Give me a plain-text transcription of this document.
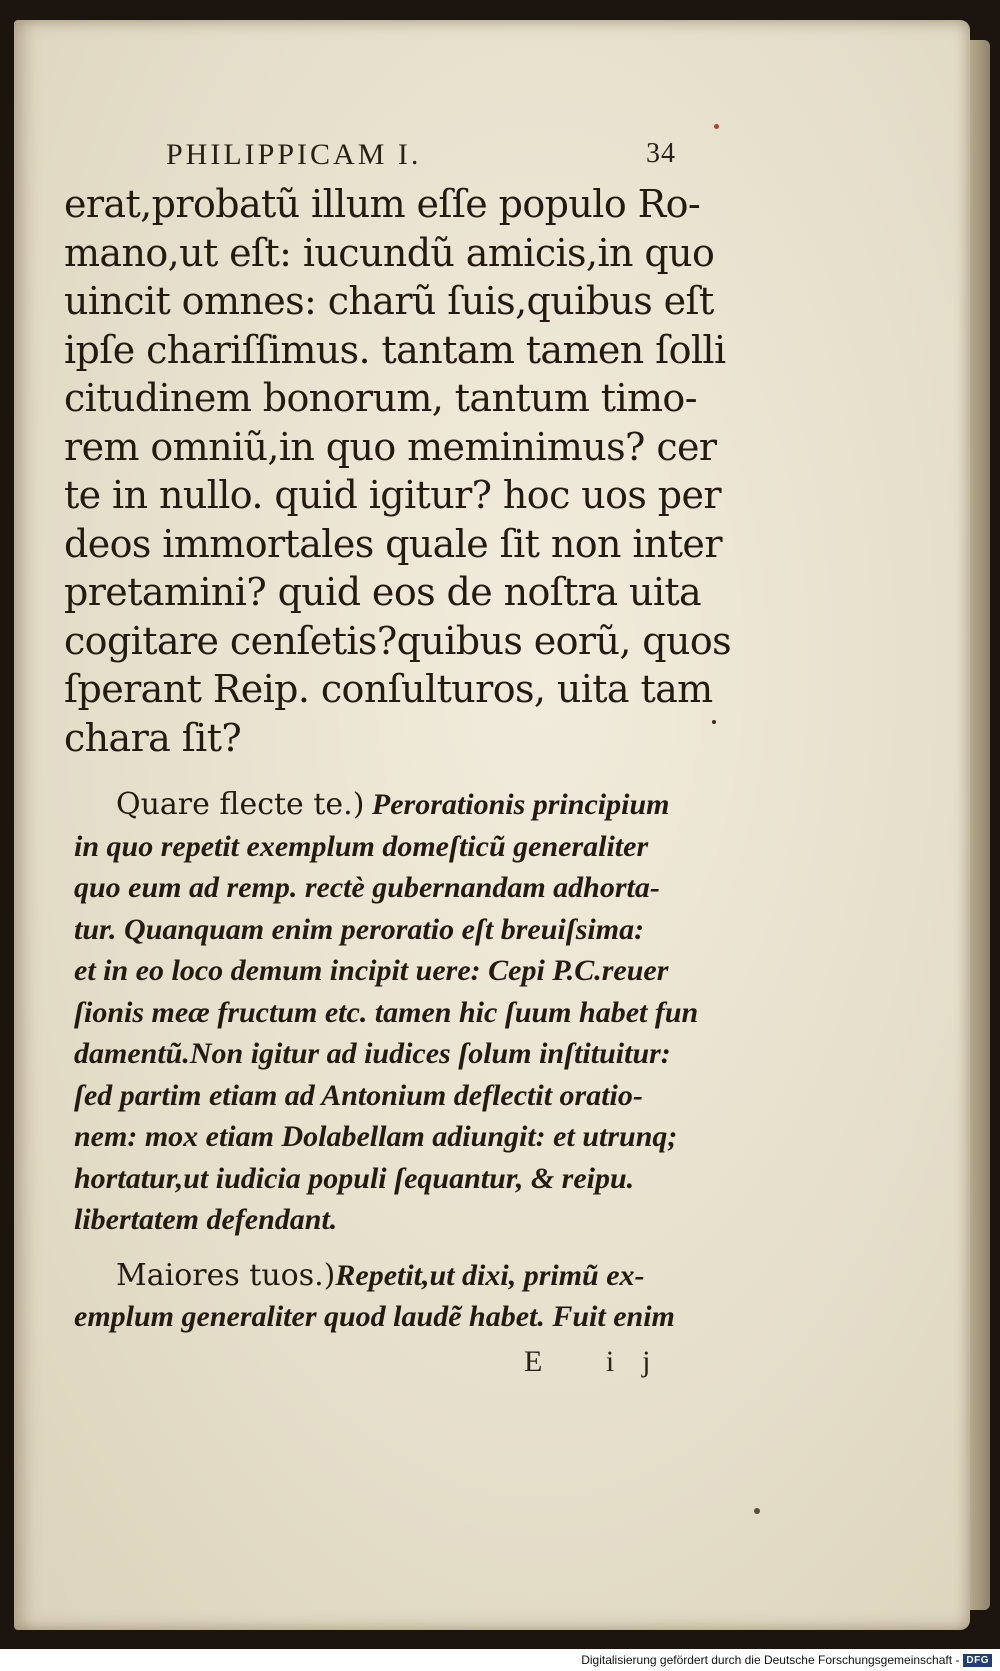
PHILIPPICAM I.	34
erat,probatũ illum eſſe populo Ro-
mano,ut eſt: iucundũ amicis,in quo
uincit omnes: charũ ſuis,quibus eſt
ipſe chariſſimus. tantam tamen ſolli
citudinem bonorum, tantum timo-
rem omniũ,in quo meminimus? cer
te in nullo. quid igitur? hoc uos per
deos immortales quale ſit non inter
pretamini? quid eos de noſtra uita
cogitare cenſetis?quibus eorũ, quos
ſperant Reip. conſulturos, uita tam
chara ſit?
Quare flecte te.) Perorationis principium
in quo repetit exemplum domeſticũ generaliter
quo eum ad remp. rectè gubernandam adhorta-
tur. Quanquam enim peroratio eſt breuiſsima:
et in eo loco demum incipit uere: Cepi P.C.reuer
ſionis meæ fructum etc. tamen hic ſuum habet fun
damentũ.Non igitur ad iudices ſolum inſtituitur:
ſed partim etiam ad Antonium deflectit oratio-
nem: mox etiam Dolabellam adiungit: et utrunq;
hortatur,ut iudicia populi ſequantur, & reipu.
libertatem defendant.
Maiores tuos.)Repetit,ut dixi, primũ ex-
emplum generaliter quod laudẽ habet. Fuit enim
E ij
Digitalisierung gefördert durch die Deutsche Forschungsgemeinschaft - DFG
